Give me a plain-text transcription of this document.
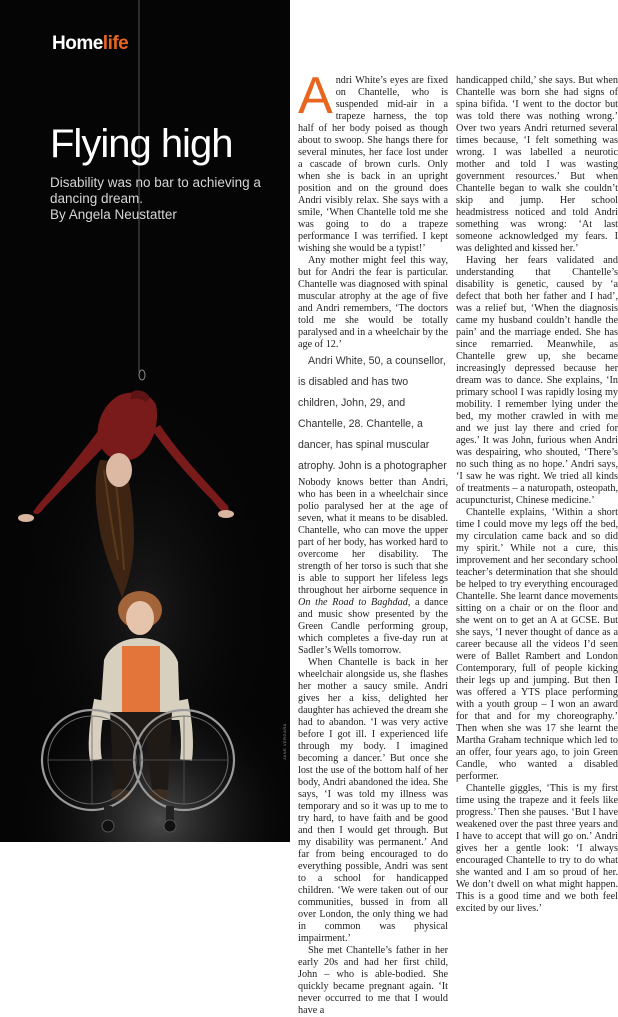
Homelife
Flying high
Disability was no bar to achieving a dancing dream.
By Angela Neustatter
JANE VERGARA

Andri White’s eyes are fixed on Chantelle, who is suspended mid-air in a trapeze harness, the top half of her body poised as though about to swoop. She hangs there for several minutes, her face lost under a cascade of brown curls. Only when she is back in an upright position and on the ground does Andri visibly relax. She says with a smile, ‘When Chantelle told me she was going to do a trapeze performance I was terrified. I kept wishing she would be a typist!’

Any mother might feel this way, but for Andri the fear is particular. Chantelle was diagnosed with spinal muscular atrophy at the age of five and Andri remembers, ‘The doctors told me she would be totally paralysed and in a wheelchair by the age of 12.’

Andri White, 50, a counsellor, is disabled and has two children, John, 29, and Chantelle, 28. Chantelle, a dancer, has spinal muscular atrophy. John is a photographer

Nobody knows better than Andri, who has been in a wheelchair since polio paralysed her at the age of seven, what it means to be disabled. Chantelle, who can move the upper part of her body, has worked hard to overcome her disability. The strength of her torso is such that she is able to support her lifeless legs throughout her airborne sequence in On the Road to Baghdad, a dance and music show presented by the Green Candle performing group, which completes a five-day run at Sadler’s Wells tomorrow.

When Chantelle is back in her wheelchair alongside us, she flashes her mother a saucy smile. Andri gives her a kiss, delighted her daughter has achieved the dream she had to abandon. ‘I was very active before I got ill. I experienced life through my body. I imagined becoming a dancer.’ But once she lost the use of the bottom half of her body, Andri abandoned the idea. She says, ‘I was told my illness was temporary and so it was up to me to try hard, to have faith and be good and then I would get through. But my disability was permanent.’ And far from being encouraged to do everything possible, Andri was sent to a school for handicapped children. ‘We were taken out of our communities, bussed in from all over London, the only thing we had in common was physical impairment.’

She met Chantelle’s father in her early 20s and had her first child, John – who is able-bodied. She quickly became pregnant again. ‘It never occurred to me that I would have a

handicapped child,’ she says. But when Chantelle was born she had signs of spina bifida. ‘I went to the doctor but was told there was nothing wrong.’ Over two years Andri returned several times because, ‘I felt something was wrong. I was labelled a neurotic mother and told I was wasting government resources.’ But when Chantelle began to walk she couldn’t skip and jump. Her school headmistress noticed and told Andri something was wrong: ‘At last someone acknowledged my fears. I was delighted and kissed her.’

Having her fears validated and understanding that Chantelle’s disability is genetic, caused by ‘a defect that both her father and I had’, was a relief but, ‘When the diagnosis came my husband couldn’t handle the pain’ and the marriage ended. She has since remarried. Meanwhile, as Chantelle grew up, she became increasingly depressed because her dream was to dance. She explains, ‘In primary school I was rapidly losing my mobility. I remember lying under the bed, my mother crawled in with me and we just lay there and cried for ages.’ It was John, furious when Andri was despairing, who shouted, ‘There’s no such thing as no hope.’ Andri says, ‘I saw he was right. We tried all kinds of treatments – a naturopath, osteopath, acupuncturist, Chinese medicine.’

Chantelle explains, ‘Within a short time I could move my legs off the bed, my circulation came back and so did my spirit.’ While not a cure, this improvement and her secondary school teacher’s determination that she should be helped to try everything encouraged Chantelle. She learnt dance movements sitting on a chair or on the floor and she went on to get an A at GCSE. But she says, ‘I never thought of dance as a career because all the videos I’d seen were of Ballet Rambert and London Contemporary, full of people kicking their legs up and jumping. But then I was offered a YTS place performing with a youth group – I won an award for that and for my choreography.’ Then when she was 17 she learnt the Martha Graham technique which led to an offer, four years ago, to join Green Candle, who wanted a disabled performer.

Chantelle giggles, ‘This is my first time using the trapeze and it feels like progress.’ Then she pauses. ‘But I have weakened over the past three years and I have to accept that will go on.’ Andri gives her a gentle look: ‘I always encouraged Chantelle to try to do what she wanted and I am so proud of her. We don’t dwell on what might happen. This is a good time and we both feel excited by our lives.’
